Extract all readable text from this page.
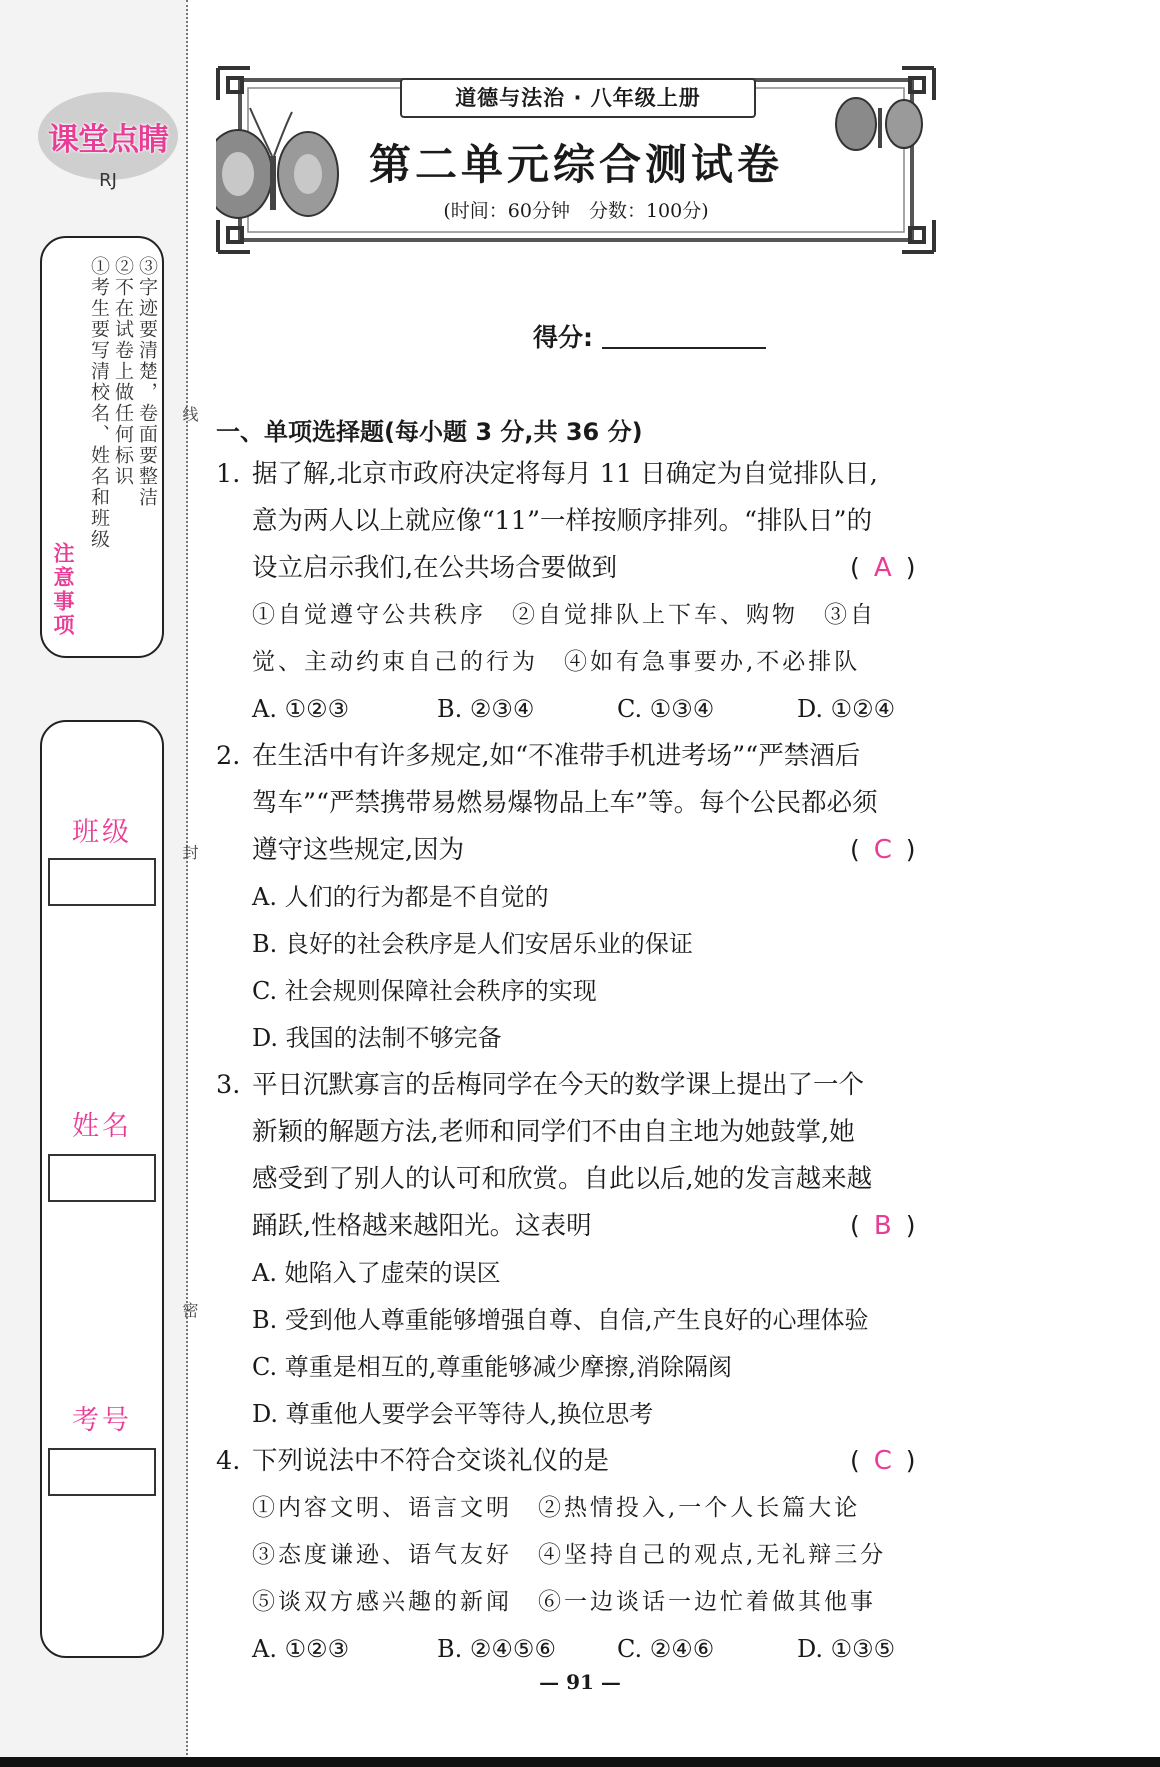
线
封
密
课堂点睛
RJ
注意事项
①考生要写清校名、姓名和班级 ②不在试卷上做任何标识 ③字迹要清楚，卷面要整洁
班级
姓名
考号
道德与法治 · 八年级上册
第二单元综合测试卷
(时间：60分钟　分数：100分)
得分:
一、单项选择题(每小题 3 分,共 36 分)
1. 据了解,北京市政府决定将每月 11 日确定为自觉排队日,
意为两人以上就应像“11”一样按顺序排列。“排队日”的
设立启示我们,在公共场合要做到	( A )
①自觉遵守公共秩序　②自觉排队上下车、购物　③自
觉、主动约束自己的行为　④如有急事要办,不必排队
A. ①②③	B. ②③④	C. ①③④	D. ①②④
2. 在生活中有许多规定,如“不准带手机进考场”“严禁酒后
驾车”“严禁携带易燃易爆物品上车”等。每个公民都必须
遵守这些规定,因为	( C )
A. 人们的行为都是不自觉的
B. 良好的社会秩序是人们安居乐业的保证
C. 社会规则保障社会秩序的实现
D. 我国的法制不够完备
3. 平日沉默寡言的岳梅同学在今天的数学课上提出了一个
新颖的解题方法,老师和同学们不由自主地为她鼓掌,她
感受到了别人的认可和欣赏。自此以后,她的发言越来越
踊跃,性格越来越阳光。这表明	( B )
A. 她陷入了虚荣的误区
B. 受到他人尊重能够增强自尊、自信,产生良好的心理体验
C. 尊重是相互的,尊重能够减少摩擦,消除隔阂
D. 尊重他人要学会平等待人,换位思考
4. 下列说法中不符合交谈礼仪的是	( C )
①内容文明、语言文明　②热情投入,一个人长篇大论
③态度谦逊、语气友好　④坚持自己的观点,无礼辩三分
⑤谈双方感兴趣的新闻　⑥一边谈话一边忙着做其他事
A. ①②③	B. ②④⑤⑥	C. ②④⑥	D. ①③⑤
— 91 —
